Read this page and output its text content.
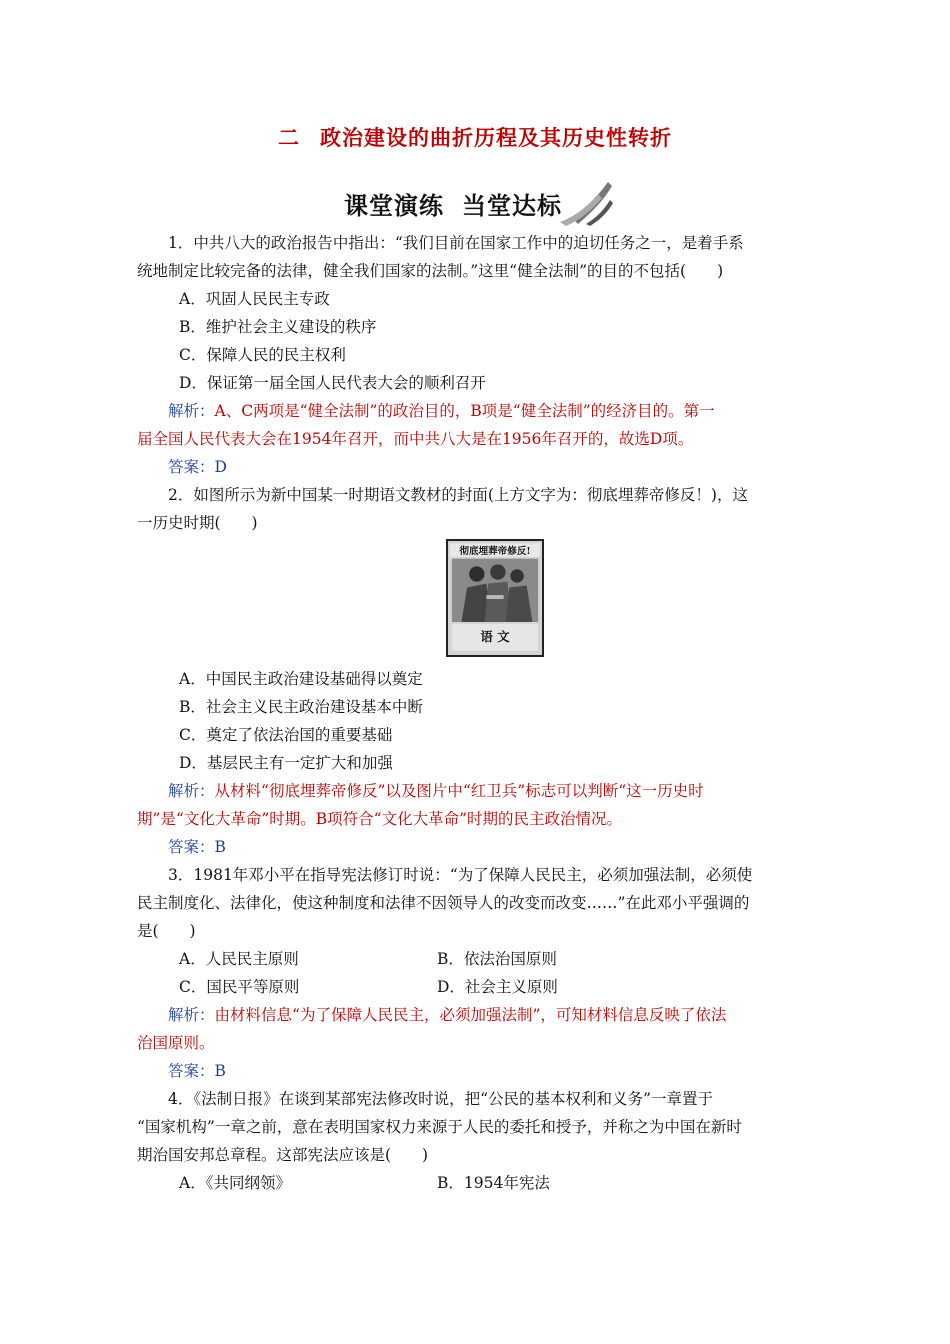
二 政治建设的曲折历程及其历史性转折
课堂演练 当堂达标

1．中共八大的政治报告中指出：“我们目前在国家工作中的迫切任务之一，是着手系

统地制定比较完备的法律，健全我们国家的法制。”这里“健全法制”的目的不包括(　　)

A．巩固人民民主专政

B．维护社会主义建设的秩序

C．保障人民的民主权利

D．保证第一届全国人民代表大会的顺利召开

解析：A、C两项是“健全法制”的政治目的，B项是“健全法制”的经济目的。第一

届全国人民代表大会在1954年召开，而中共八大是在1956年召开的，故选D项。

答案：D

2．如图所示为新中国某一时期语文教材的封面(上方文字为：彻底埋葬帝修反！)，这

一历史时期(　　)

彻底埋葬帝修反!
语 文

A．中国民主政治建设基础得以奠定

B．社会主义民主政治建设基本中断

C．奠定了依法治国的重要基础

D．基层民主有一定扩大和加强

解析：从材料“彻底埋葬帝修反”以及图片中“红卫兵”标志可以判断“这一历史时

期”是“文化大革命”时期。B项符合“文化大革命”时期的民主政治情况。

答案：B

3．1981年邓小平在指导宪法修订时说：“为了保障人民民主，必须加强法制，必须使

民主制度化、法律化，使这种制度和法律不因领导人的改变而改变……”在此邓小平强调的

是(　　)

A．人民民主原则	B．依法治国原则
C．国民平等原则	D．社会主义原则

解析：由材料信息“为了保障人民民主，必须加强法制”，可知材料信息反映了依法

治国原则。

答案：B

4．《法制日报》在谈到某部宪法修改时说，把“公民的基本权利和义务”一章置于

“国家机构”一章之前，意在表明国家权力来源于人民的委托和授予，并称之为中国在新时

期治国安邦总章程。这部宪法应该是(　　)

A．《共同纲领》	B．1954年宪法
